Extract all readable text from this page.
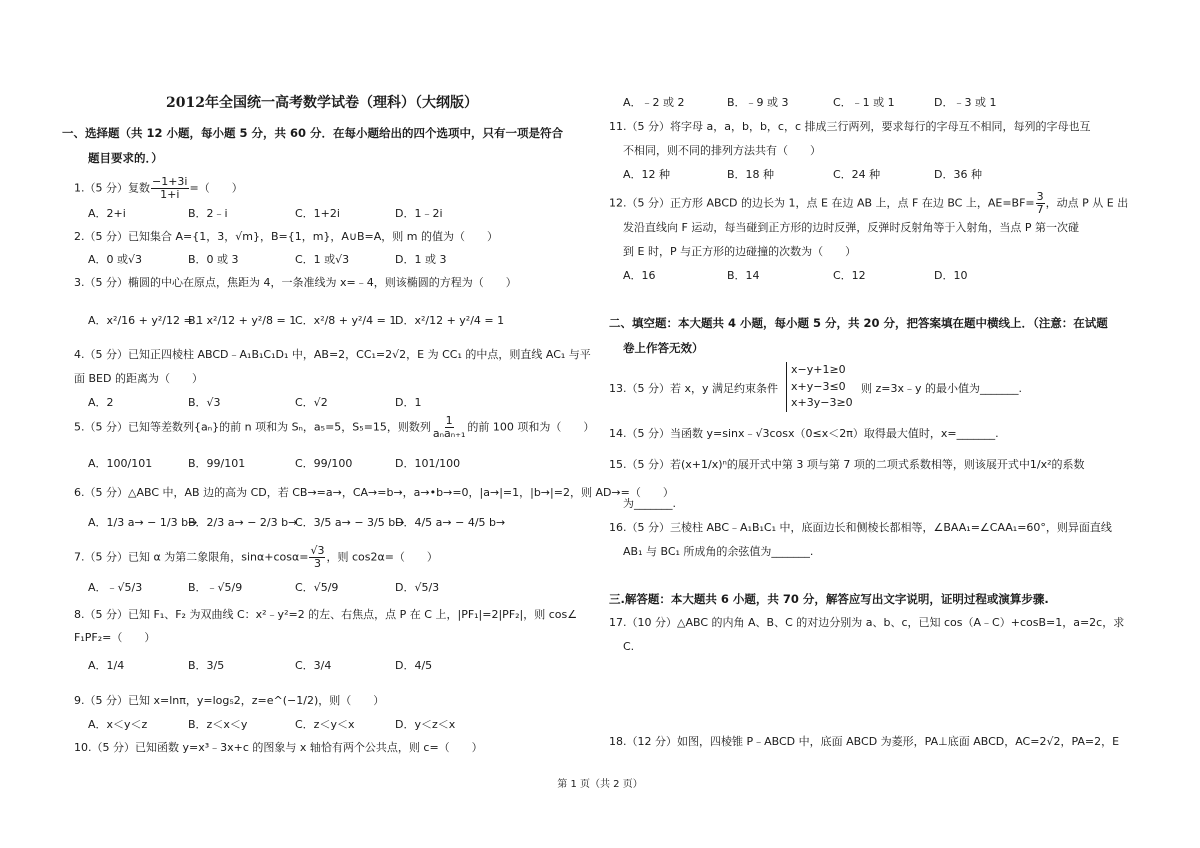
2012年全国统一高考数学试卷（理科）（大纲版）
一、选择题（共 12 小题，每小题 5 分，共 60 分．在每小题给出的四个选项中，只有一项是符合
题目要求的．）
1.（5 分）复数 $\frac{-1+3i}{1+i}$ =（　　）
A．2+i	B．2﹣i	C．1+2i	D．1﹣2i
2.（5 分）已知集合 A={1，3，√m}，B={1，m}，A∪B=A，则 m 的值为（　　）
A．0 或√3	B．0 或 3	C．1 或√3	D．1 或 3
3.（5 分）椭圆的中心在原点，焦距为 4，一条准线为 x=﹣4，则该椭圆的方程为（　　）
A．x²/16 + y²/12 = 1
B．x²/12 + y²/8 = 1
C．x²/8 + y²/4 = 1
D．x²/12 + y²/4 = 1
4.（5 分）已知正四棱柱 ABCD﹣A₁B₁C₁D₁ 中，AB=2，CC₁=2√2，E 为 CC₁ 的中点，则直线 AC₁ 与平
面 BED 的距离为（　　）
A．2	B．√3	C．√2	D．1
5.（5 分）已知等差数列{aₙ}的前 n 项和为 Sₙ，a₅=5，S₅=15，则数列 $\frac{1}{\text{aₙaₙ₊₁}}$ 的前 100 项和为（　　）
A．100/101	B．99/101	C．99/100	D．101/100
6.（5 分）△ABC 中，AB 边的高为 CD，若 CB→=a→，CA→=b→，a→•b→=0，|a→|=1，|b→|=2，则 AD→=（　　）
A．1/3 a→ − 1/3 b→
B．2/3 a→ − 2/3 b→
C．3/5 a→ − 3/5 b→
D．4/5 a→ − 4/5 b→
7.（5 分）已知 α 为第二象限角，$\sin\alpha+\cos\alpha= \frac{√3}{3}$ ，则 cos2α=（　　）
A．﹣√5/3	B．﹣√5/9	C．√5/9	D．√5/3
8.（5 分）已知 F₁、F₂ 为双曲线 C：x²﹣y²=2 的左、右焦点，点 P 在 C 上，|PF₁|=2|PF₂|，则 cos∠
F₁PF₂=（　　）
A．1/4	B．3/5	C．3/4	D．4/5
9.（5 分）已知 x=lnπ，y=log₅2，z=e^(−1/2)，则（　　）
A．x＜y＜z	B．z＜x＜y	C．z＜y＜x	D．y＜z＜x
10.（5 分）已知函数 y=x³﹣3x+c 的图象与 x 轴恰有两个公共点，则 c=（　　）
A．﹣2 或 2	B．﹣9 或 3	C．﹣1 或 1	D．﹣3 或 1
11.（5 分）将字母 a，a，b，b，c，c 排成三行两列，要求每行的字母互不相同，每列的字母也互
不相同，则不同的排列方法共有（　　）
A．12 种	B．18 种	C．24 种	D．36 种
12.（5 分）正方形 ABCD 的边长为 1，点 E 在边 AB 上，点 F 在边 BC 上，$AE=BF= \frac{3}{7}$ ，动点 P 从 E 出
发沿直线向 F 运动，每当碰到正方形的边时反弹，反弹时反射角等于入射角，当点 P 第一次碰
到 E 时，P 与正方形的边碰撞的次数为（　　）
A．16	B．14	C．12	D．10
二、填空题：本大题共 4 小题，每小题 5 分，共 20 分，把答案填在题中横线上．（注意：在试题
卷上作答无效）
13.（5 分）若 x，y 满足约束条件
x−y+1≥0
x+y−3≤0
x+3y−3≥0
则 z=3x﹣y 的最小值为_______.
14.（5 分）当函数 y=sinx﹣√3cosx（0≤x＜2π）取得最大值时，x=_______.
15.（5 分）若(x+1/x)ⁿ的展开式中第 3 项与第 7 项的二项式系数相等，则该展开式中1/x²的系数
为_______.
16.（5 分）三棱柱 ABC﹣A₁B₁C₁ 中，底面边长和侧棱长都相等，∠BAA₁=∠CAA₁=60°，则异面直线
AB₁ 与 BC₁ 所成角的余弦值为_______.
三.解答题：本大题共 6 小题，共 70 分，解答应写出文字说明，证明过程或演算步骤.
17.（10 分）△ABC 的内角 A、B、C 的对边分别为 a、b、c，已知 cos（A﹣C）+cosB=1，a=2c，求
C.
18.（12 分）如图，四棱锥 P﹣ABCD 中，底面 ABCD 为菱形，PA⊥底面 ABCD，AC=2√2，PA=2，E
第 1 页（共 2 页）
